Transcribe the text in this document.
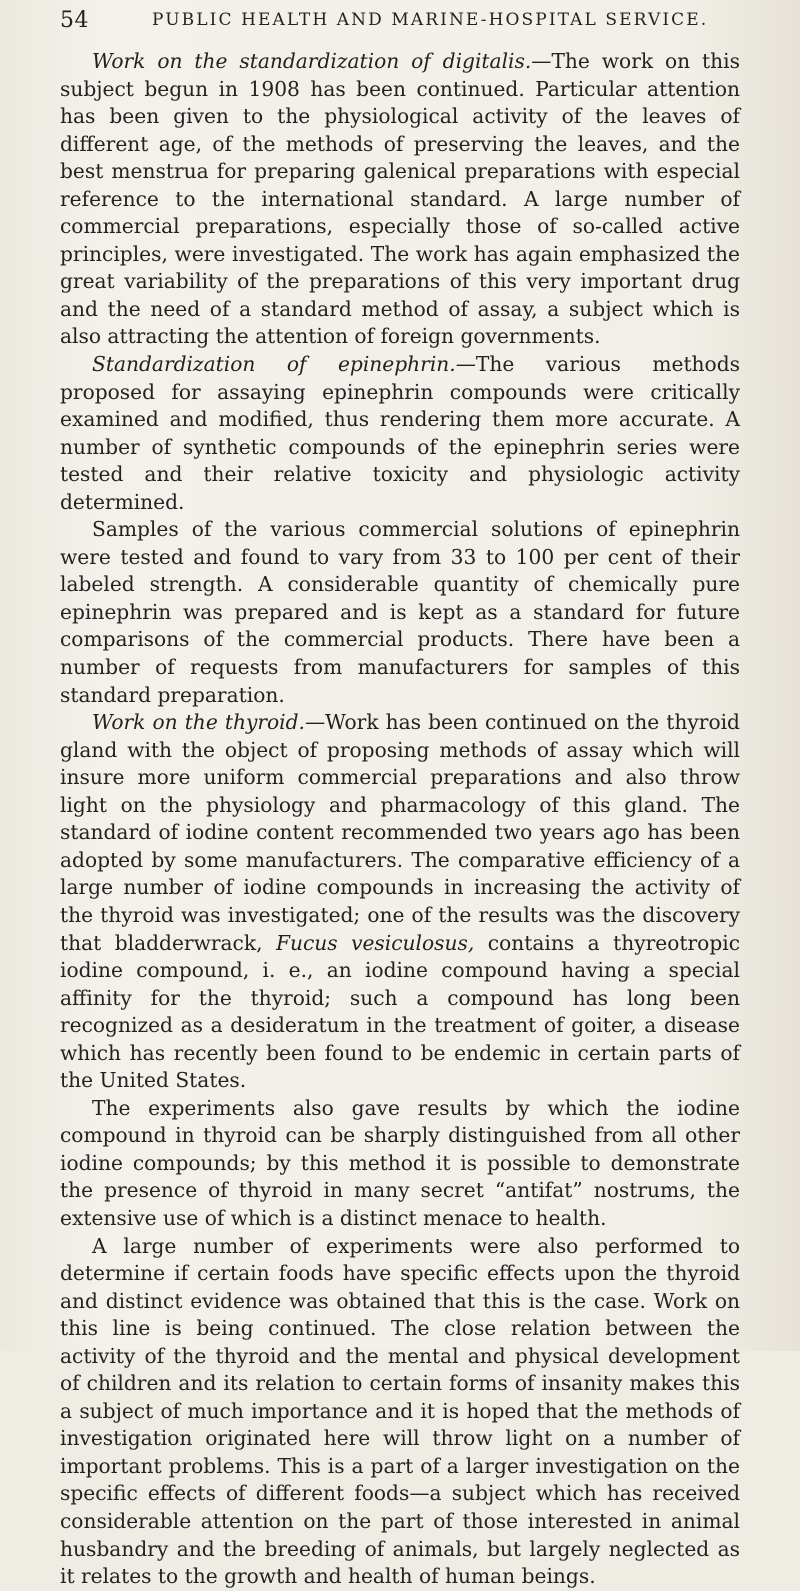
54	PUBLIC HEALTH AND MARINE-HOSPITAL SERVICE.

Work on the standardization of digitalis.—The work on this subject begun in 1908 has been continued. Particular attention has been given to the physiological activity of the leaves of different age, of the methods of preserving the leaves, and the best menstrua for preparing galenical preparations with especial reference to the international standard. A large number of commercial preparations, especially those of so-called active principles, were investigated. The work has again emphasized the great variability of the preparations of this very important drug and the need of a standard method of assay, a subject which is also attracting the attention of foreign governments.

Standardization of epinephrin.—The various methods proposed for assaying epinephrin compounds were critically examined and modified, thus rendering them more accurate. A number of synthetic compounds of the epinephrin series were tested and their relative toxicity and physiologic activity determined.

Samples of the various commercial solutions of epinephrin were tested and found to vary from 33 to 100 per cent of their labeled strength. A considerable quantity of chemically pure epinephrin was prepared and is kept as a standard for future comparisons of the commercial products. There have been a number of requests from manufacturers for samples of this standard preparation.

Work on the thyroid.—Work has been continued on the thyroid gland with the object of proposing methods of assay which will insure more uniform commercial preparations and also throw light on the physiology and pharmacology of this gland. The standard of iodine content recommended two years ago has been adopted by some manufacturers. The comparative efficiency of a large number of iodine compounds in increasing the activity of the thyroid was investigated; one of the results was the discovery that bladderwrack, Fucus vesiculosus, contains a thyreotropic iodine compound, i. e., an iodine compound having a special affinity for the thyroid; such a compound has long been recognized as a desideratum in the treatment of goiter, a disease which has recently been found to be endemic in certain parts of the United States.

The experiments also gave results by which the iodine compound in thyroid can be sharply distinguished from all other iodine compounds; by this method it is possible to demonstrate the presence of thyroid in many secret “antifat” nostrums, the extensive use of which is a distinct menace to health.

A large number of experiments were also performed to determine if certain foods have specific effects upon the thyroid and distinct evidence was obtained that this is the case. Work on this line is being continued. The close relation between the activity of the thyroid and the mental and physical development of children and its relation to certain forms of insanity makes this a subject of much importance and it is hoped that the methods of investigation originated here will throw light on a number of important problems. This is a part of a larger investigation on the specific effects of different foods—a subject which has received considerable attention on the part of those interested in animal husbandry and the breeding of animals, but largely neglected as it relates to the growth and health of human beings.
